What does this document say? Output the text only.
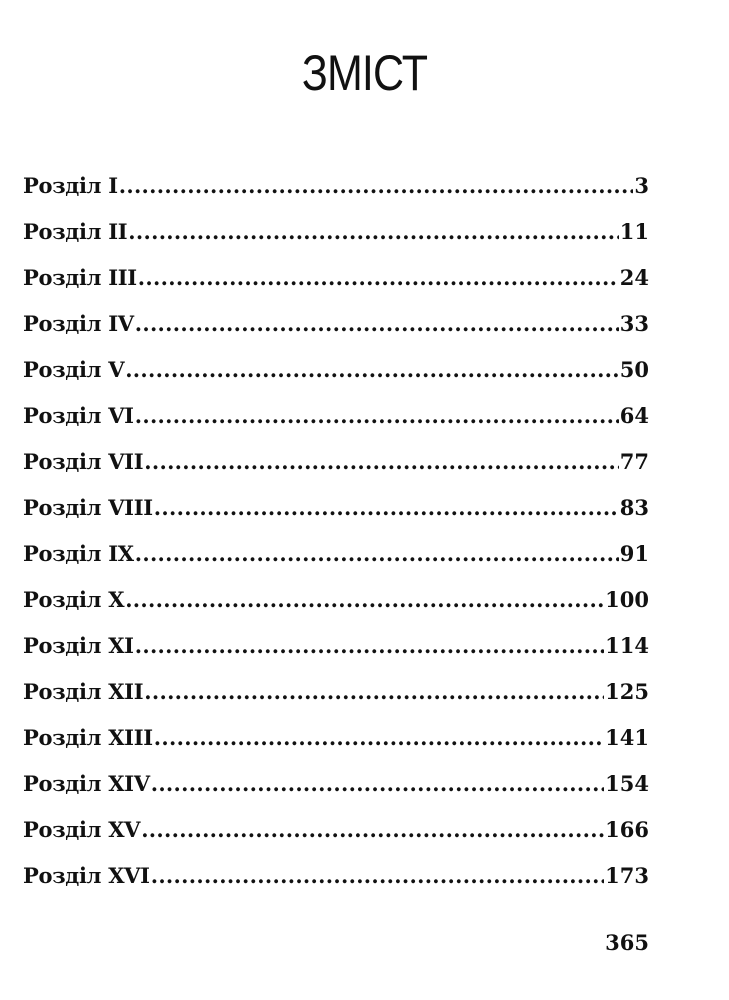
ЗМІСТ
Розділ I .....	3
Розділ II .....	11
Розділ III .....	24
Розділ IV .....	33
Розділ V .....	50
Розділ VI .....	64
Розділ VII .....	77
Розділ VIII .....	83
Розділ IX .....	91
Розділ X .....	100
Розділ XI .....	114
Розділ XII .....	125
Розділ XIII .....	141
Розділ XIV .....	154
Розділ XV .....	166
Розділ XVI .....	173
365
